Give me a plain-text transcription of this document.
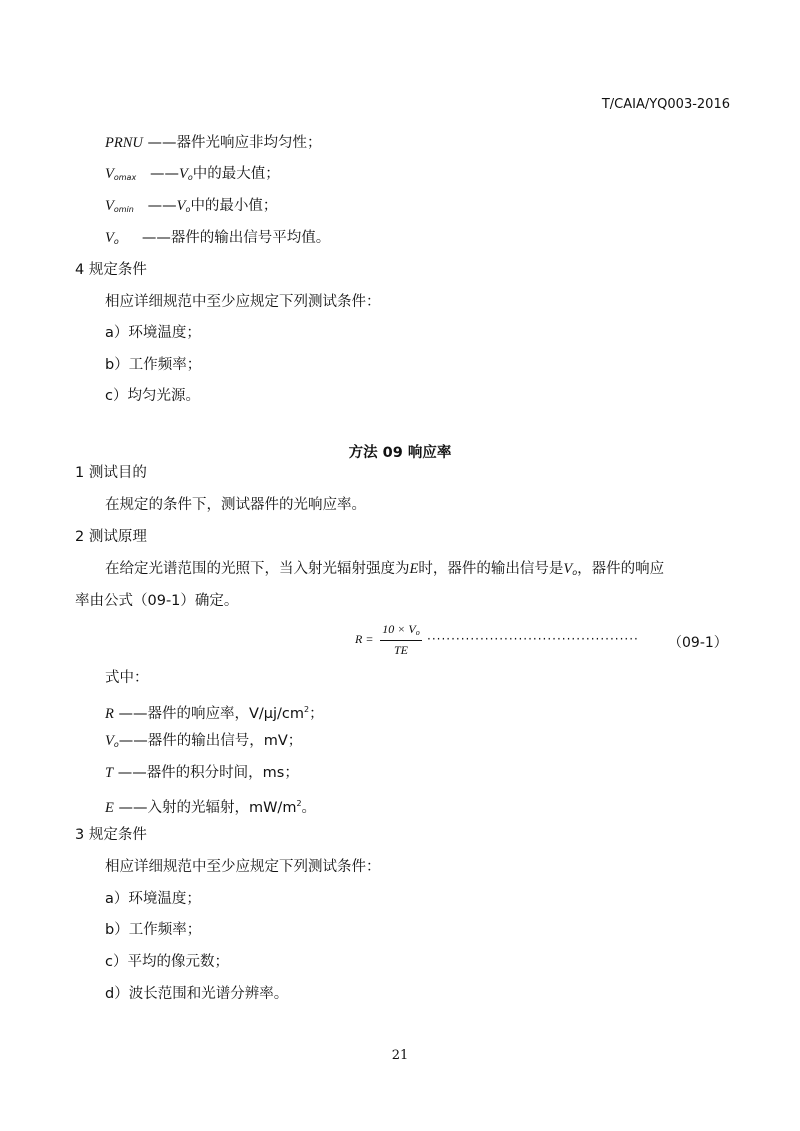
T/CAIA/YQ003-2016
PRNU ——器件光响应非均匀性；
$V_{omax}$ $——V_o$中的最大值；
$V_{omin}$ $——V_o$中的最小值；
$V_o$ ——器件的输出信号平均值。
4 规定条件
相应详细规范中至少应规定下列测试条件：
a）环境温度；
b）工作频率；
c）均匀光源。
方法 09 响应率
1 测试目的
在规定的条件下，测试器件的光响应率。
2 测试原理
在给定光谱范围的光照下，当入射光辐射强度为E时，器件的输出信号是$V_o$，器件的响应
率由公式（09-1）确定。
R =
$10 \times V_o$
TE
············································ （09-1）
式中：
R ——器件的响应率，$V/\mu j/cm^2$；
$V_o——$器件的输出信号，mV；
T ——器件的积分时间，ms；
E ——入射的光辐射，$mW/m^2$。
3 规定条件
相应详细规范中至少应规定下列测试条件：
a）环境温度；
b）工作频率；
c）平均的像元数；
d）波长范围和光谱分辨率。
21
